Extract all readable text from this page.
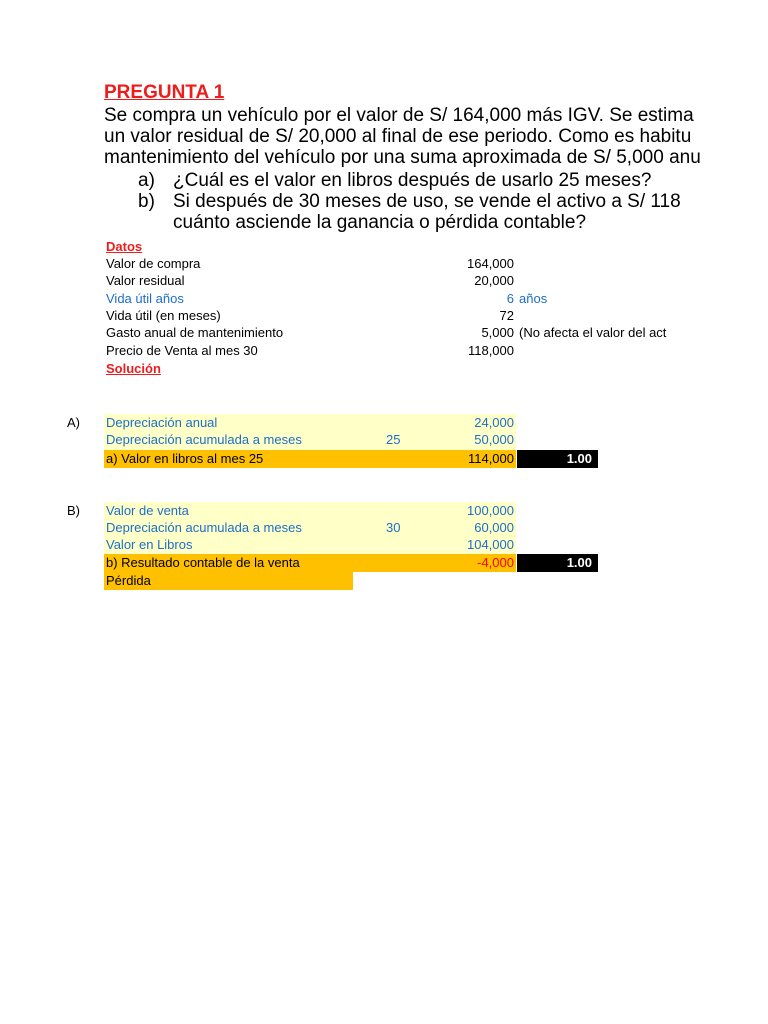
PREGUNTA 1
Se compra un vehículo por el valor de S/ 164,000 más IGV. Se estima
un valor residual de S/ 20,000 al final de ese periodo. Como es habitu
mantenimiento del vehículo por una suma aproximada de S/ 5,000 anu
a) ¿Cuál es el valor en libros después de usarlo 25 meses?
b) Si después de 30 meses de uso, se vende el activo a S/ 118
cuánto asciende la ganancia o pérdida contable?
Datos
Valor de compra	164,000
Valor residual	20,000
Vida útil años	6 años
Vida útil (en meses)	72
Gasto anual de mantenimiento	5,000 (No afecta el valor del act
Precio de Venta al mes 30	118,000
Solución
A) Depreciación anual	24,000
Depreciación acumulada a meses	25	50,000
a) Valor en libros al mes 25	114,000	1.00
B) Valor de venta	100,000
Depreciación acumulada a meses	30	60,000
Valor en Libros	104,000
b) Resultado contable de la venta	-4,000	1.00
Pérdida
